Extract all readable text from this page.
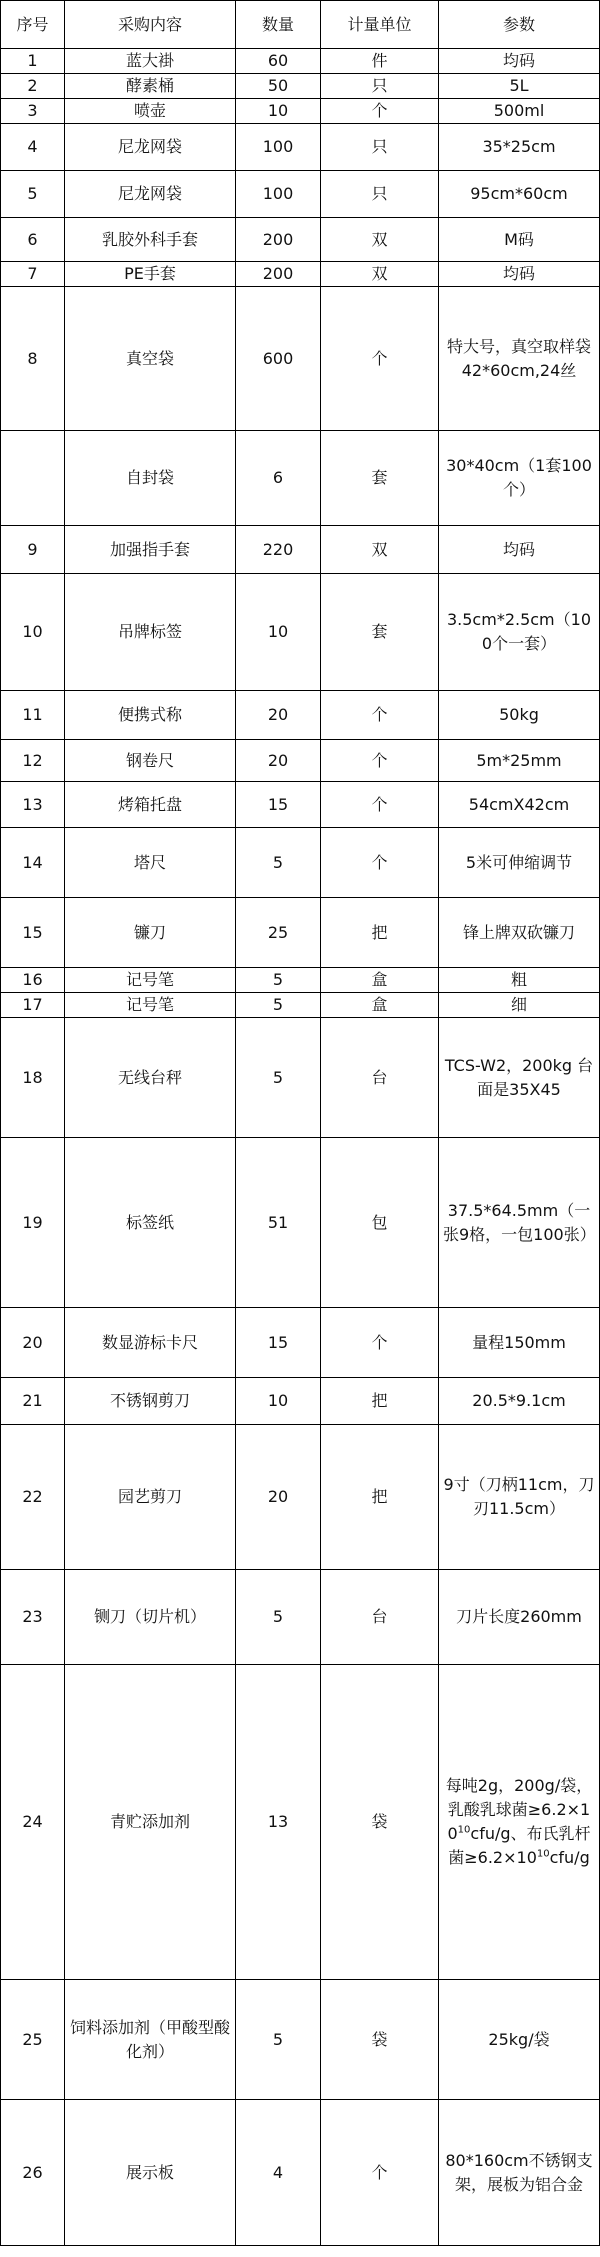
序号	采购内容	数量	计量单位	参数
1	蓝大褂	60	件	均码
2	酵素桶	50	只	5L
3	喷壶	10	个	500ml
4	尼龙网袋	100	只	35*25cm
5	尼龙网袋	100	只	95cm*60cm
6	乳胶外科手套	200	双	M码
7	PE手套	200	双	均码
8	真空袋	600	个	特大号，真空取样袋42*60cm,24丝
	自封袋	6	套	30*40cm（1套100个）
9	加强指手套	220	双	均码
10	吊牌标签	10	套	3.5cm*2.5cm（100个一套）
11	便携式称	20	个	50kg
12	钢卷尺	20	个	5m*25mm
13	烤箱托盘	15	个	54cmX42cm
14	塔尺	5	个	5米可伸缩调节
15	镰刀	25	把	锋上牌双砍镰刀
16	记号笔	5	盒	粗
17	记号笔	5	盒	细
18	无线台秤	5	台	TCS-W2，200kg 台面是35X45
19	标签纸	51	包	37.5*64.5mm（一张9格，一包100张）
20	数显游标卡尺	15	个	量程150mm
21	不锈钢剪刀	10	把	20.5*9.1cm
22	园艺剪刀	20	把	9寸（刀柄11cm，刀刃11.5cm）
23	铡刀（切片机）	5	台	刀片长度260mm
24	青贮添加剂	13	袋	每吨2g，200g/袋，乳酸乳球菌$\ge 6.2\times 10^{10}cfu/g$、布氏乳杆菌$\ge 6.2\times 10^{10}cfu/g$
25	饲料添加剂（甲酸型酸化剂）	5	袋	25kg/袋
26	展示板	4	个	80*160cm不锈钢支架，展板为铝合金
